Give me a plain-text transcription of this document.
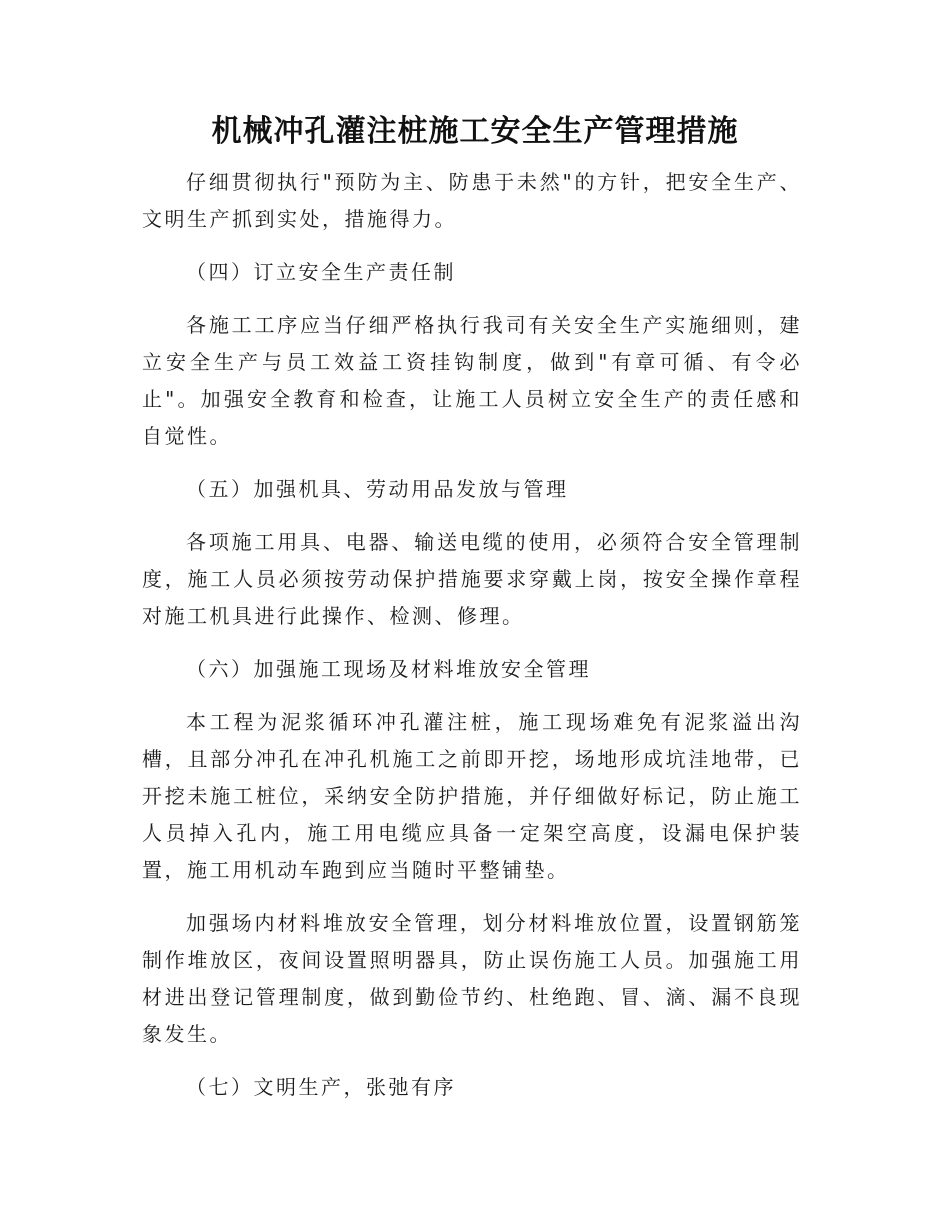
机械冲孔灌注桩施工安全生产管理措施

仔细贯彻执行"预防为主、防患于未然"的方针，把安全生产、文明生产抓到实处，措施得力。

（四）订立安全生产责任制

各施工工序应当仔细严格执行我司有关安全生产实施细则，建立安全生产与员工效益工资挂钩制度，做到"有章可循、有令必止"。加强安全教育和检查，让施工人员树立安全生产的责任感和自觉性。

（五）加强机具、劳动用品发放与管理

各项施工用具、电器、输送电缆的使用，必须符合安全管理制度，施工人员必须按劳动保护措施要求穿戴上岗，按安全操作章程对施工机具进行此操作、检测、修理。

（六）加强施工现场及材料堆放安全管理

本工程为泥浆循环冲孔灌注桩，施工现场难免有泥浆溢出沟槽，且部分冲孔在冲孔机施工之前即开挖，场地形成坑洼地带，已开挖未施工桩位，采纳安全防护措施，并仔细做好标记，防止施工人员掉入孔内，施工用电缆应具备一定架空高度，设漏电保护装置，施工用机动车跑到应当随时平整铺垫。

加强场内材料堆放安全管理，划分材料堆放位置，设置钢筋笼制作堆放区，夜间设置照明器具，防止误伤施工人员。加强施工用材进出登记管理制度，做到勤俭节约、杜绝跑、冒、滴、漏不良现象发生。

（七）文明生产，张弛有序
